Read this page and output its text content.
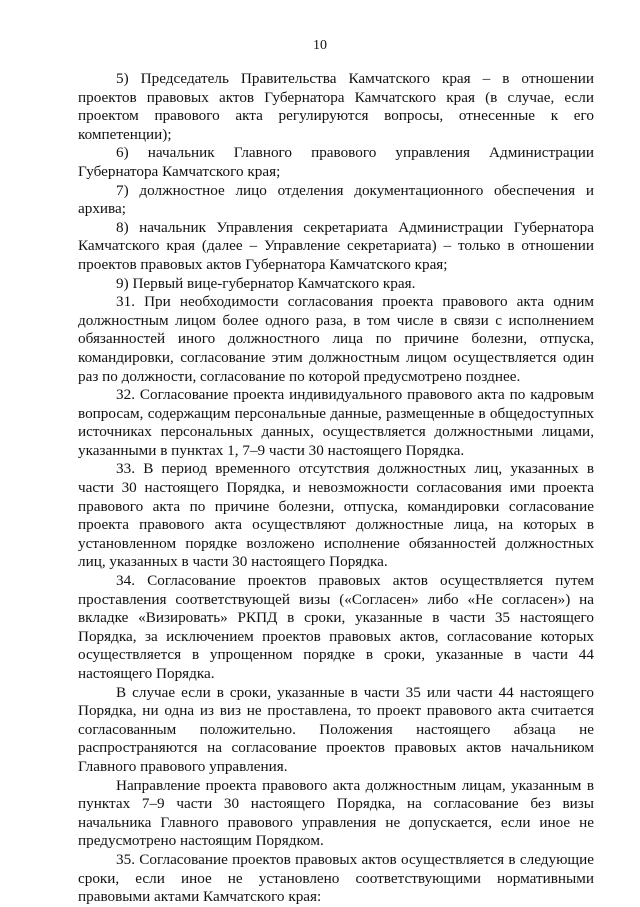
10

5) Председатель Правительства Камчатского края – в отношении проектов правовых актов Губернатора Камчатского края (в случае, если проектом правового акта регулируются вопросы, отнесенные к его компетенции);

6) начальник Главного правового управления Администрации Губернатора Камчатского края;

7) должностное лицо отделения документационного обеспечения и архива;

8) начальник Управления секретариата Администрации Губернатора Камчатского края (далее – Управление секретариата) – только в отношении проектов правовых актов Губернатора Камчатского края;

9) Первый вице-губернатор Камчатского края.

31. При необходимости согласования проекта правового акта одним должностным лицом более одного раза, в том числе в связи с исполнением обязанностей иного должностного лица по причине болезни, отпуска, командировки, согласование этим должностным лицом осуществляется один раз по должности, согласование по которой предусмотрено позднее.

32. Согласование проекта индивидуального правового акта по кадровым вопросам, содержащим персональные данные, размещенные в общедоступных источниках персональных данных, осуществляется должностными лицами, указанными в пунктах 1, 7–9 части 30 настоящего Порядка.

33. В период временного отсутствия должностных лиц, указанных в части 30 настоящего Порядка, и невозможности согласования ими проекта правового акта по причине болезни, отпуска, командировки согласование проекта правового акта осуществляют должностные лица, на которых в установленном порядке возложено исполнение обязанностей должностных лиц, указанных в части 30 настоящего Порядка.

34. Согласование проектов правовых актов осуществляется путем проставления соответствующей визы («Согласен» либо «Не согласен») на вкладке «Визировать» РКПД в сроки, указанные в части 35 настоящего Порядка, за исключением проектов правовых актов, согласование которых осуществляется в упрощенном порядке в сроки, указанные в части 44 настоящего Порядка.

В случае если в сроки, указанные в части 35 или части 44 настоящего Порядка, ни одна из виз не проставлена, то проект правового акта считается согласованным положительно. Положения настоящего абзаца не распространяются на согласование проектов правовых актов начальником Главного правового управления.

Направление проекта правового акта должностным лицам, указанным в пунктах 7–9 части 30 настоящего Порядка, на согласование без визы начальника Главного правового управления не допускается, если иное не предусмотрено настоящим Порядком.

35. Согласование проектов правовых актов осуществляется в следующие сроки, если иное не установлено соответствующими нормативными правовыми актами Камчатского края:
